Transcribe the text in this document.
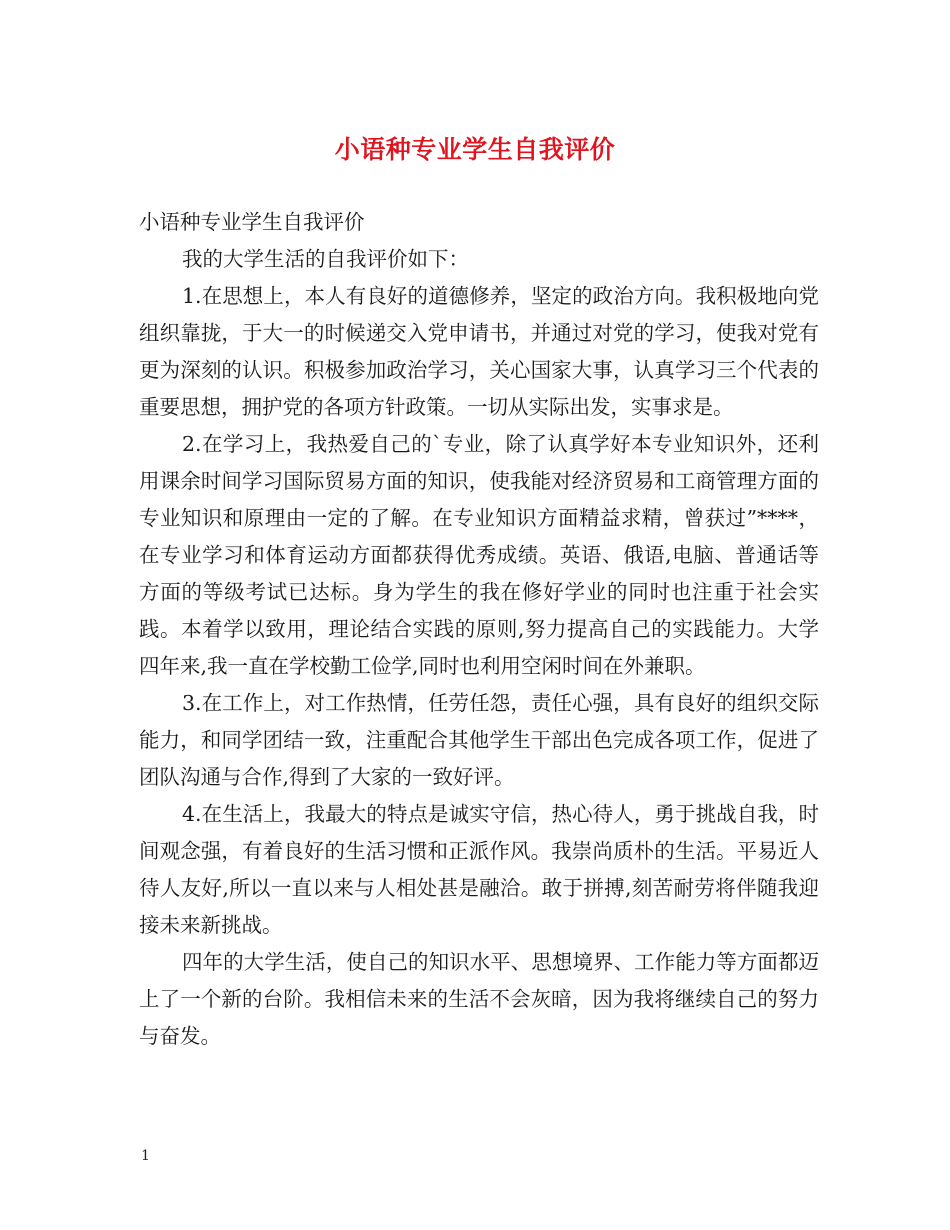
小语种专业学生自我评价

小语种专业学生自我评价

我的大学生活的自我评价如下：

1.在思想上，本人有良好的道德修养，坚定的政治方向。我积极地向党组织靠拢，于大一的时候递交入党申请书，并通过对党的学习，使我对党有更为深刻的认识。积极参加政治学习，关心国家大事，认真学习三个代表的重要思想，拥护党的各项方针政策。一切从实际出发，实事求是。

2.在学习上，我热爱自己的`专业，除了认真学好本专业知识外，还利用课余时间学习国际贸易方面的知识，使我能对经济贸易和工商管理方面的专业知识和原理由一定的了解。在专业知识方面精益求精，曾获过”****，在专业学习和体育运动方面都获得优秀成绩。英语、俄语,电脑、普通话等方面的等级考试已达标。身为学生的我在修好学业的同时也注重于社会实践。本着学以致用，理论结合实践的原则,努力提高自己的实践能力。大学四年来,我一直在学校勤工俭学,同时也利用空闲时间在外兼职。

3.在工作上，对工作热情，任劳任怨，责任心强，具有良好的组织交际能力，和同学团结一致，注重配合其他学生干部出色完成各项工作，促进了团队沟通与合作,得到了大家的一致好评。

4.在生活上，我最大的特点是诚实守信，热心待人，勇于挑战自我，时间观念强，有着良好的生活习惯和正派作风。我崇尚质朴的生活。平易近人待人友好,所以一直以来与人相处甚是融洽。敢于拼搏,刻苦耐劳将伴随我迎接未来新挑战。

四年的大学生活，使自己的知识水平、思想境界、工作能力等方面都迈上了一个新的台阶。我相信未来的生活不会灰暗，因为我将继续自己的努力与奋发。

1
